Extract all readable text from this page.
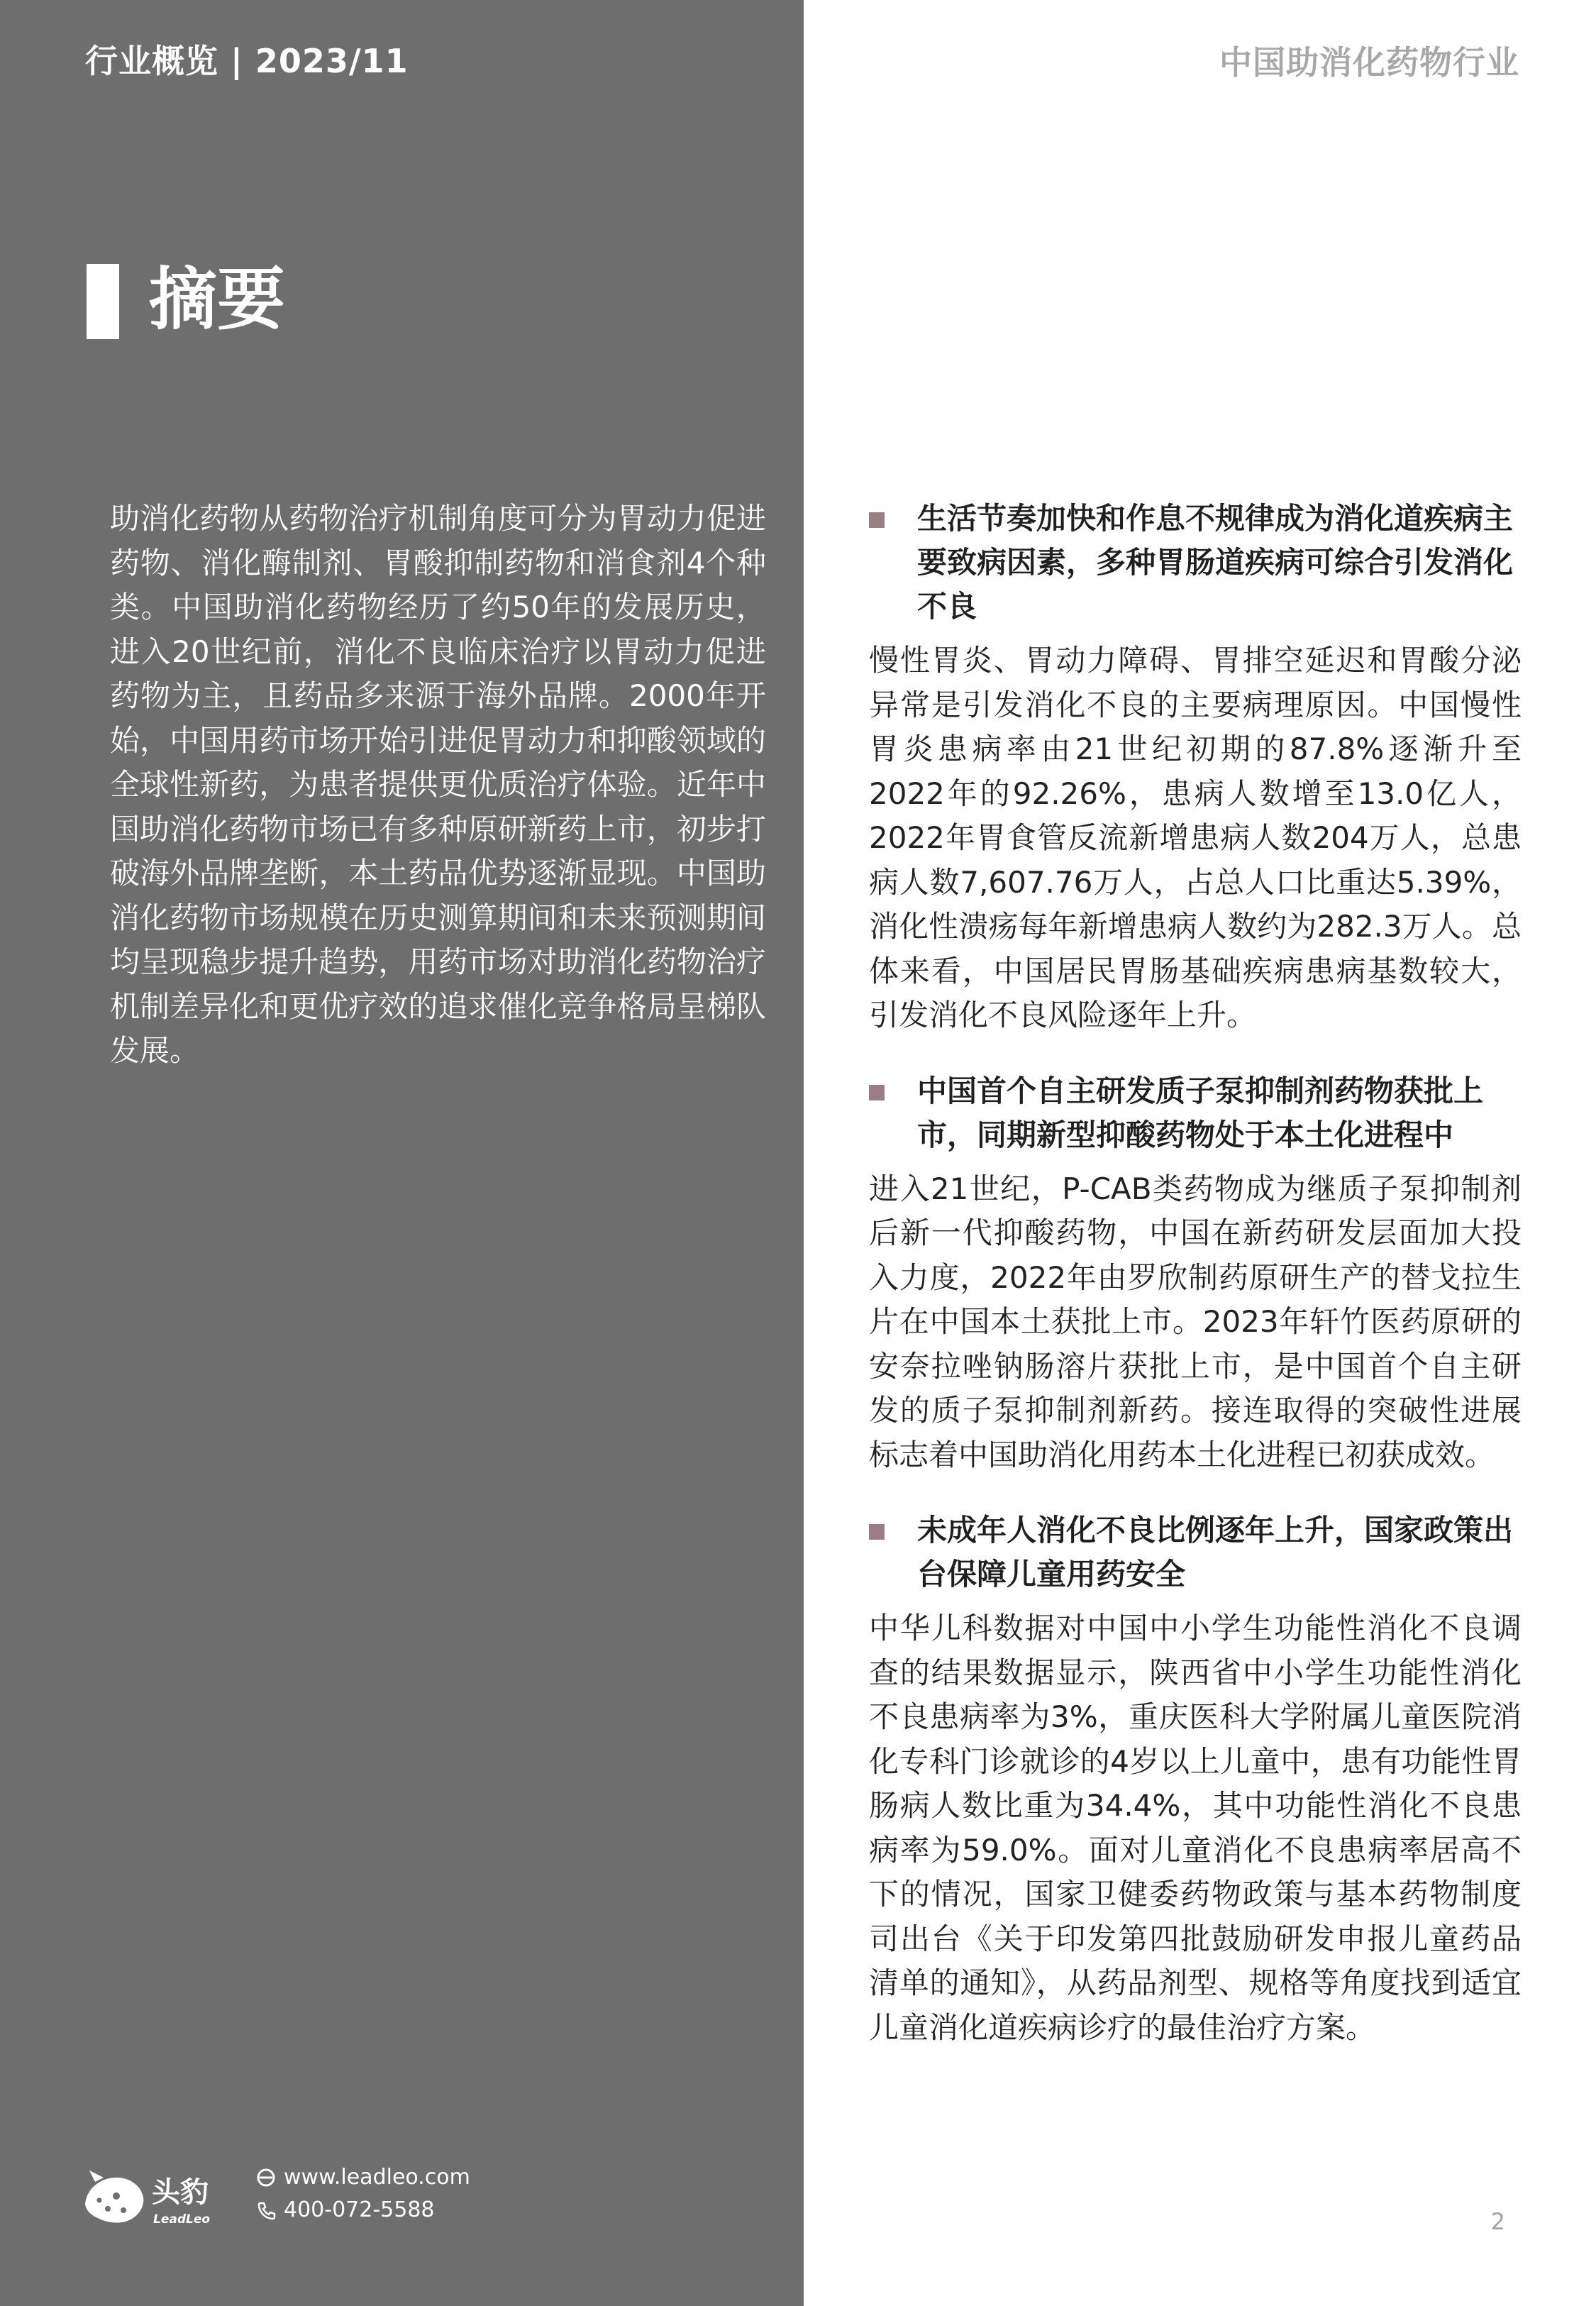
行业概览 | 2023/11	中国助消化药物行业
摘要
助消化药物从药物治疗机制角度可分为胃动力促进药物、消化酶制剂、胃酸抑制药物和消食剂4个种类。中国助消化药物经历了约50年的发展历史，进入20世纪前，消化不良临床治疗以胃动力促进药物为主，且药品多来源于海外品牌。2000年开始，中国用药市场开始引进促胃动力和抑酸领域的全球性新药，为患者提供更优质治疗体验。近年中国助消化药物市场已有多种原研新药上市，初步打破海外品牌垄断，本土药品优势逐渐显现。中国助消化药物市场规模在历史测算期间和未来预测期间均呈现稳步提升趋势，用药市场对助消化药物治疗机制差异化和更优疗效的追求催化竞争格局呈梯队发展。
生活节奏加快和作息不规律成为消化道疾病主要致病因素，多种胃肠道疾病可综合引发消化不良

慢性胃炎、胃动力障碍、胃排空延迟和胃酸分泌异常是引发消化不良的主要病理原因。中国慢性胃炎患病率由21世纪初期的87.8%逐渐升至2022年的92.26%，患病人数增至13.0亿人，2022年胃食管反流新增患病人数204万人，总患病人数7,607.76万人，占总人口比重达5.39%，消化性溃疡每年新增患病人数约为282.3万人。总体来看，中国居民胃肠基础疾病患病基数较大，引发消化不良风险逐年上升。

中国首个自主研发质子泵抑制剂药物获批上市，同期新型抑酸药物处于本土化进程中

进入21世纪，P-CAB类药物成为继质子泵抑制剂后新一代抑酸药物，中国在新药研发层面加大投入力度，2022年由罗欣制药原研生产的替戈拉生片在中国本土获批上市。2023年轩竹医药原研的安奈拉唑钠肠溶片获批上市，是中国首个自主研发的质子泵抑制剂新药。接连取得的突破性进展标志着中国助消化用药本土化进程已初获成效。

未成年人消化不良比例逐年上升，国家政策出台保障儿童用药安全

中华儿科数据对中国中小学生功能性消化不良调查的结果数据显示，陕西省中小学生功能性消化不良患病率为3%，重庆医科大学附属儿童医院消化专科门诊就诊的4岁以上儿童中，患有功能性胃肠病人数比重为34.4%，其中功能性消化不良患病率为59.0%。面对儿童消化不良患病率居高不下的情况，国家卫健委药物政策与基本药物制度司出台《关于印发第四批鼓励研发申报儿童药品清单的通知》，从药品剂型、规格等角度找到适宜儿童消化道疾病诊疗的最佳治疗方案。

头豹
LeadLeo
www.leadleo.com
400-072-5588	2
